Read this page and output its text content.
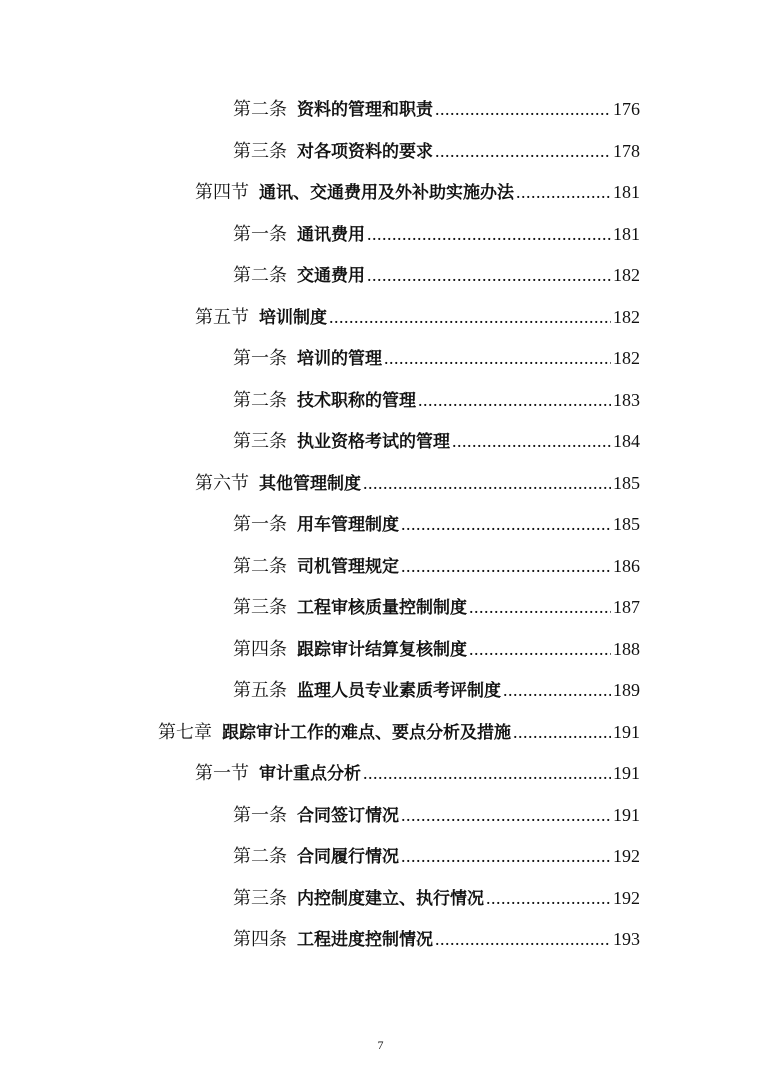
第二条 资料的管理和职责 .....	176
第三条 对各项资料的要求 .....	178
第四节 通讯、交通费用及外补助实施办法 .....	181
第一条 通讯费用 .....	181
第二条 交通费用 .....	182
第五节 培训制度 .....	182
第一条 培训的管理 .....	182
第二条 技术职称的管理 .....	183
第三条 执业资格考试的管理 .....	184
第六节 其他管理制度 .....	185
第一条 用车管理制度 .....	185
第二条 司机管理规定 .....	186
第三条 工程审核质量控制制度 .....	187
第四条 跟踪审计结算复核制度 .....	188
第五条 监理人员专业素质考评制度 .....	189
第七章 跟踪审计工作的难点、要点分析及措施 .....	191
第一节 审计重点分析 .....	191
第一条 合同签订情况 .....	191
第二条 合同履行情况 .....	192
第三条 内控制度建立、执行情况 .....	192
第四条 工程进度控制情况 .....	193
7
